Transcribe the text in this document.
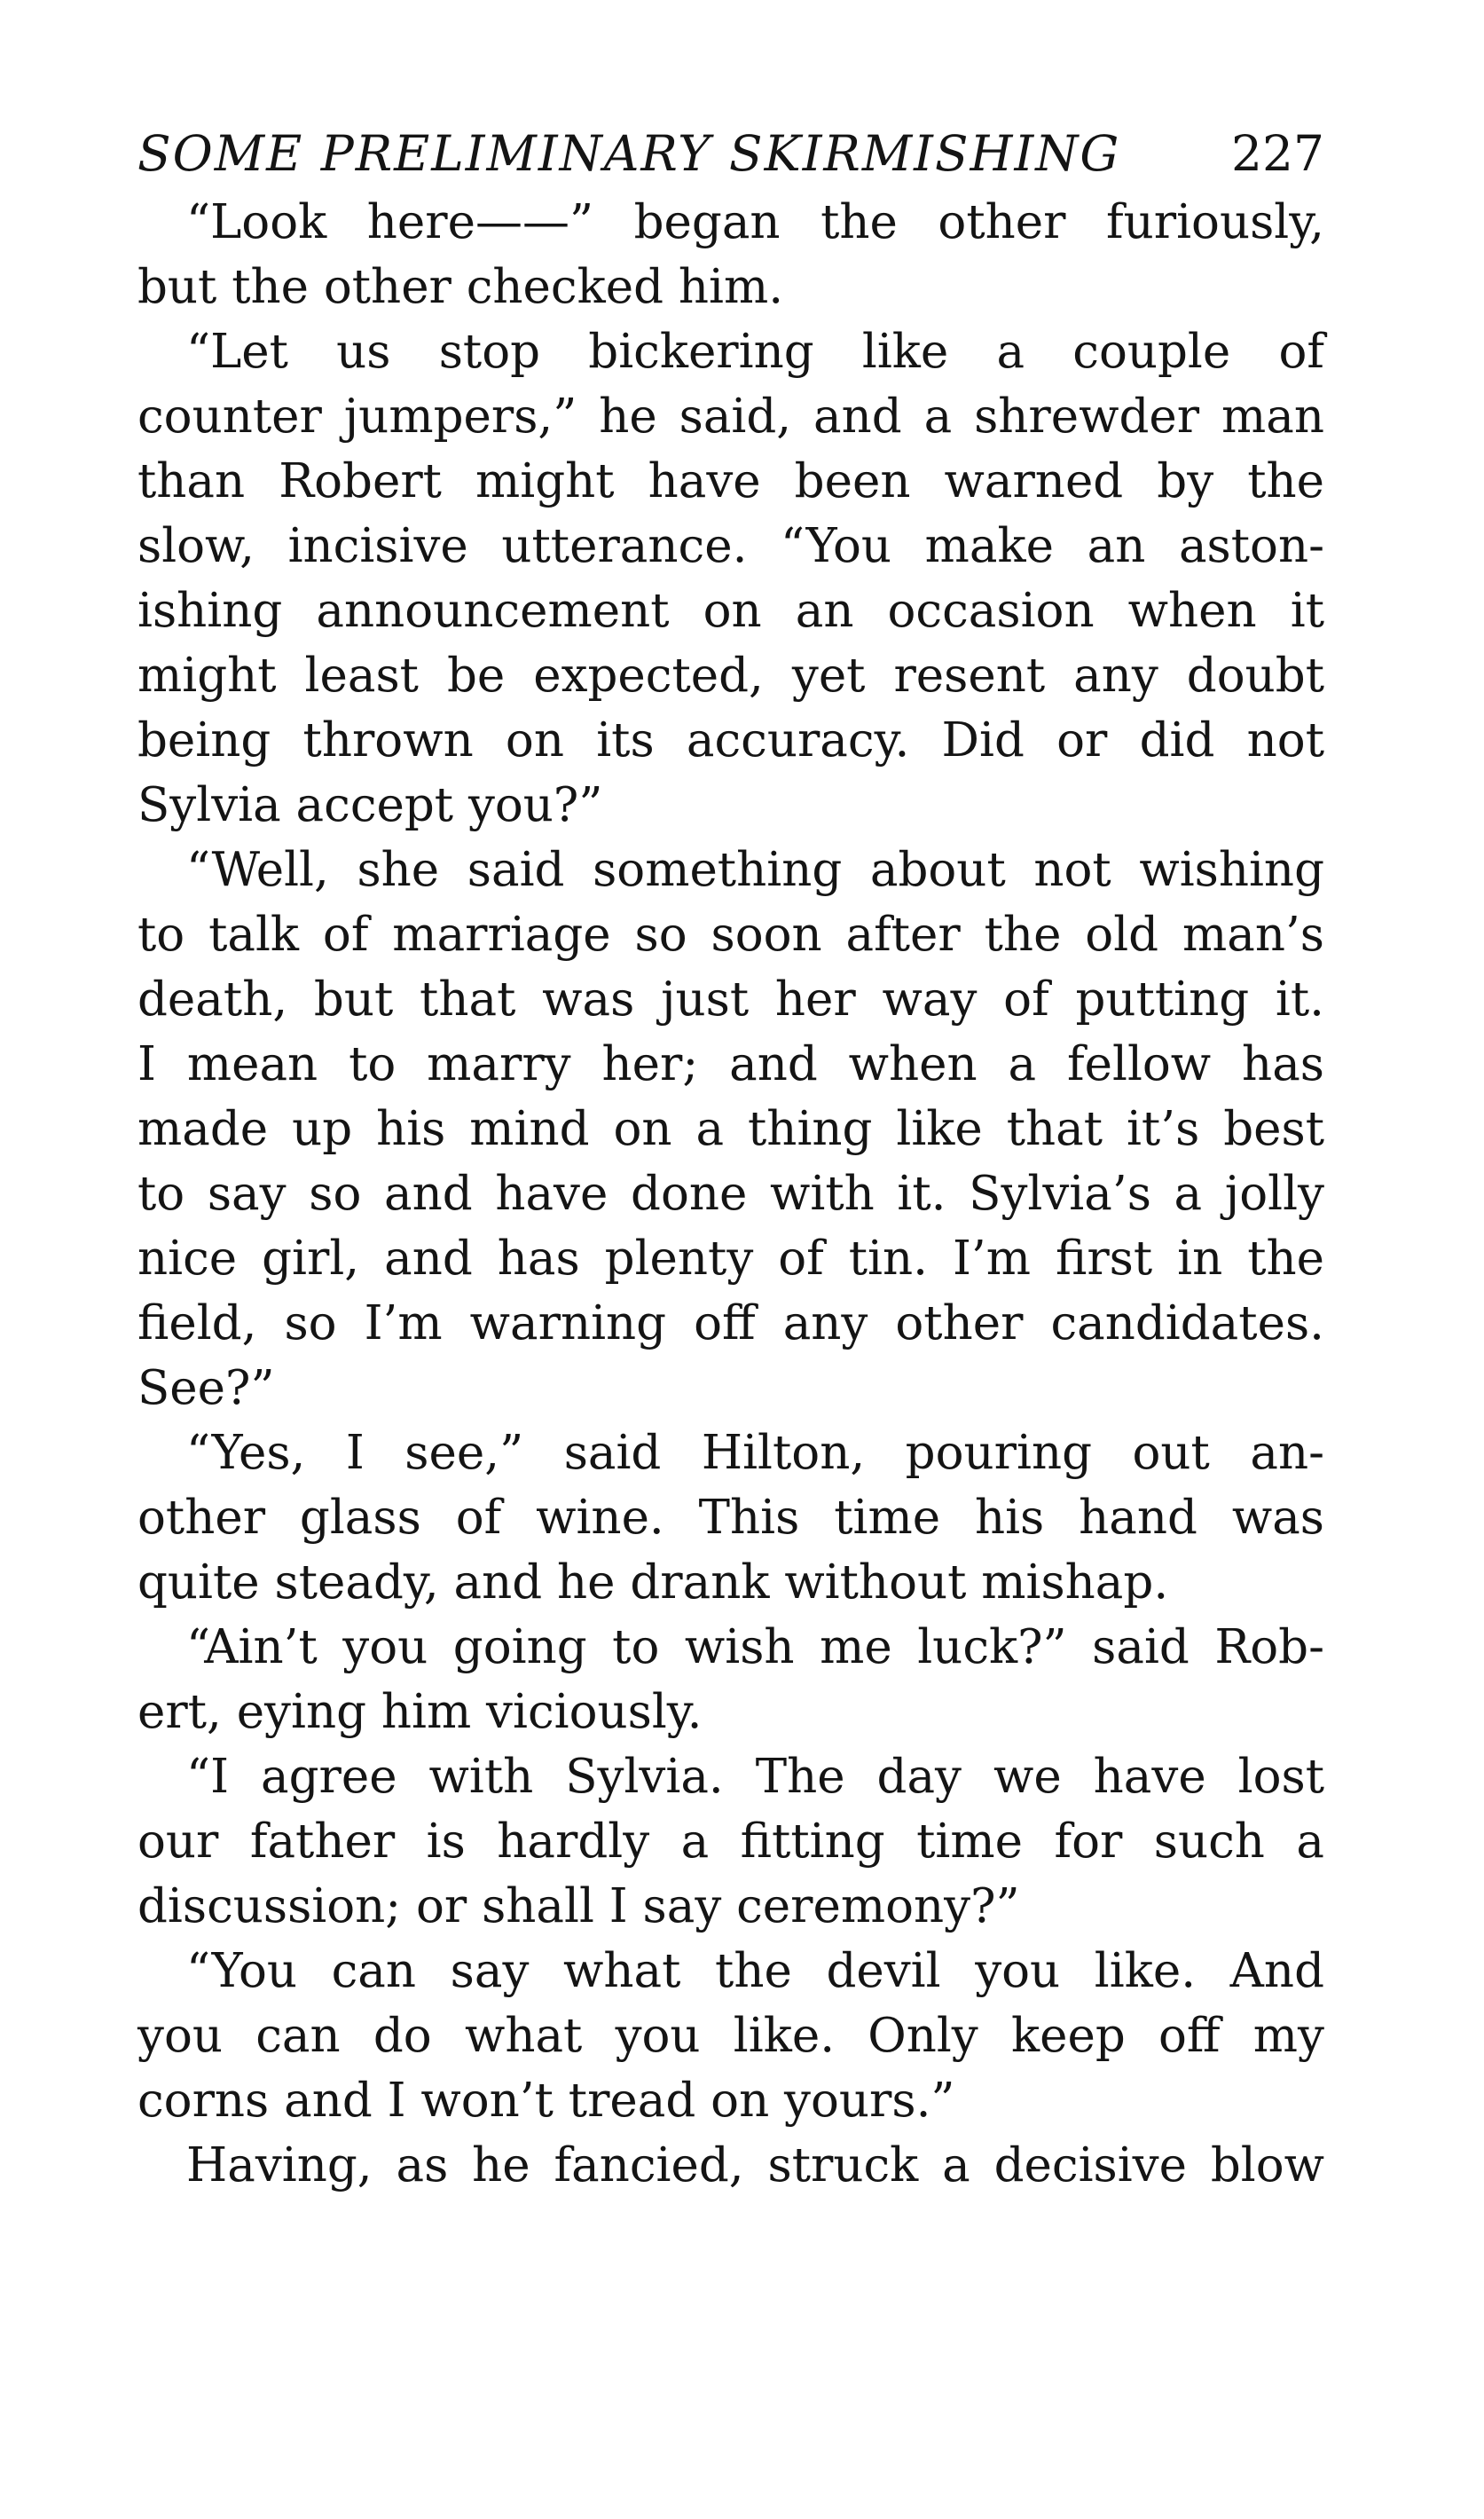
SOME PRELIMINARY SKIRMISHING 227

“Look here——” began the other furiously,
but the other checked him.

“Let us stop bickering like a couple of
counter jumpers,” he said, and a shrewder man
than Robert might have been warned by the
slow, incisive utterance. “You make an aston-
ishing announcement on an occasion when it
might least be expected, yet resent any doubt
being thrown on its accuracy. Did or did not
Sylvia accept you?”

“Well, she said something about not wishing
to talk of marriage so soon after the old man’s
death, but that was just her way of putting it.
I mean to marry her; and when a fellow has
made up his mind on a thing like that it’s best
to say so and have done with it. Sylvia’s a jolly
nice girl, and has plenty of tin. I’m first in the
field, so I’m warning off any other candidates.
See?”

“Yes, I see,” said Hilton, pouring out an-
other glass of wine. This time his hand was
quite steady, and he drank without mishap.

“Ain’t you going to wish me luck?” said Rob-
ert, eying him viciously.

“I agree with Sylvia. The day we have lost
our father is hardly a fitting time for such a
discussion; or shall I say ceremony?”

“You can say what the devil you like. And
you can do what you like. Only keep off my
corns and I won’t tread on yours.”

Having, as he fancied, struck a decisive blow
